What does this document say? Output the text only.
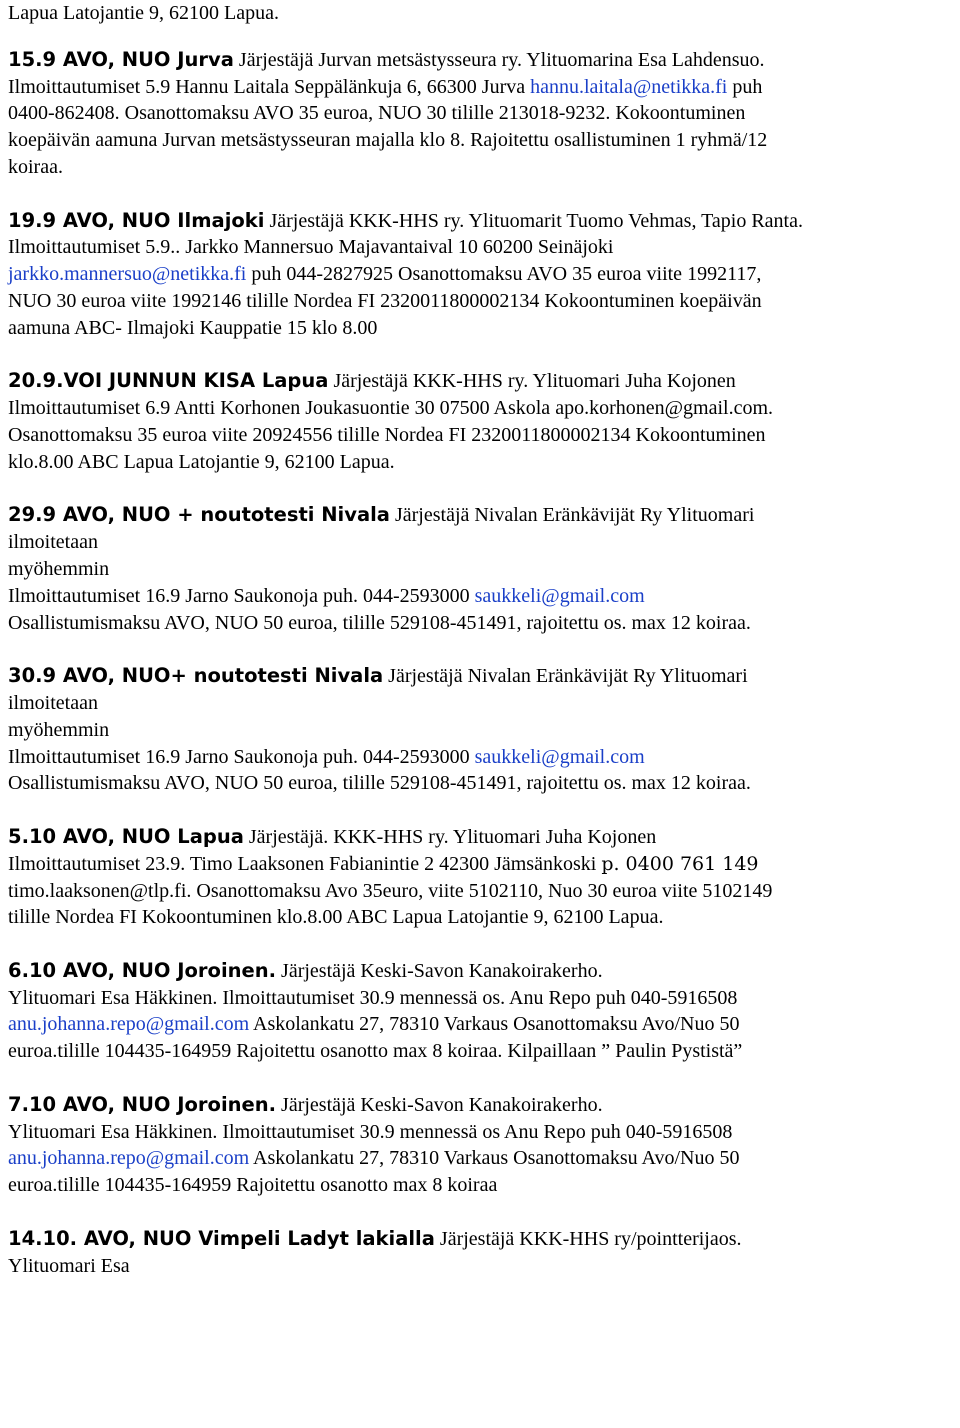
Lapua Latojantie 9, 62100 Lapua.
15.9 AVO, NUO Jurva Järjestäjä Jurvan metsästysseura ry. Ylituomarina Esa Lahdensuo.
Ilmoittautumiset 5.9 Hannu Laitala Seppälänkuja 6, 66300 Jurva hannu.laitala@netikka.fi puh
0400-862408. Osanottomaksu AVO 35 euroa, NUO 30 tilille 213018-9232. Kokoontuminen
koepäivän aamuna Jurvan metsästysseuran majalla klo 8. Rajoitettu osallistuminen 1 ryhmä/12
koiraa.
19.9 AVO, NUO Ilmajoki Järjestäjä KKK-HHS ry. Ylituomarit Tuomo Vehmas, Tapio Ranta.
Ilmoittautumiset 5.9.. Jarkko Mannersuo Majavantaival 10 60200 Seinäjoki
jarkko.mannersuo@netikka.fi puh 044-2827925 Osanottomaksu AVO 35 euroa viite 1992117,
NUO 30 euroa viite 1992146 tilille Nordea FI 2320011800002134 Kokoontuminen koepäivän
aamuna ABC- Ilmajoki Kauppatie 15 klo 8.00
20.9.VOI JUNNUN KISA Lapua Järjestäjä KKK-HHS ry. Ylituomari Juha Kojonen
Ilmoittautumiset 6.9 Antti Korhonen Joukasuontie 30 07500 Askola apo.korhonen@gmail.com.
Osanottomaksu 35 euroa viite 20924556 tilille Nordea FI 2320011800002134 Kokoontuminen
klo.8.00 ABC Lapua Latojantie 9, 62100 Lapua.
29.9 AVO, NUO + noutotesti Nivala Järjestäjä Nivalan Eränkävijät Ry Ylituomari
ilmoitetaan
myöhemmin
Ilmoittautumiset 16.9 Jarno Saukonoja puh. 044-2593000 saukkeli@gmail.com
Osallistumismaksu AVO, NUO 50 euroa, tilille 529108-451491, rajoitettu os. max 12 koiraa.
30.9 AVO, NUO+ noutotesti Nivala Järjestäjä Nivalan Eränkävijät Ry Ylituomari
ilmoitetaan
myöhemmin
Ilmoittautumiset 16.9 Jarno Saukonoja puh. 044-2593000 saukkeli@gmail.com
Osallistumismaksu AVO, NUO 50 euroa, tilille 529108-451491, rajoitettu os. max 12 koiraa.
5.10 AVO, NUO Lapua Järjestäjä. KKK-HHS ry. Ylituomari Juha Kojonen
Ilmoittautumiset 23.9. Timo Laaksonen Fabianintie 2 42300 Jämsänkoski p. 0400 761 149
timo.laaksonen@tlp.fi. Osanottomaksu Avo 35euro, viite 5102110, Nuo 30 euroa viite 5102149
tilille Nordea FI Kokoontuminen klo.8.00 ABC Lapua Latojantie 9, 62100 Lapua.
6.10 AVO, NUO Joroinen. Järjestäjä Keski-Savon Kanakoirakerho.
Ylituomari Esa Häkkinen. Ilmoittautumiset 30.9 mennessä os. Anu Repo puh 040-5916508
anu.johanna.repo@gmail.com Askolankatu 27, 78310 Varkaus Osanottomaksu Avo/Nuo 50
euroa.tilille 104435-164959 Rajoitettu osanotto max 8 koiraa. Kilpaillaan ” Paulin Pystistä”
7.10 AVO, NUO Joroinen. Järjestäjä Keski-Savon Kanakoirakerho.
Ylituomari Esa Häkkinen. Ilmoittautumiset 30.9 mennessä os Anu Repo puh 040-5916508
anu.johanna.repo@gmail.com Askolankatu 27, 78310 Varkaus Osanottomaksu Avo/Nuo 50
euroa.tilille 104435-164959 Rajoitettu osanotto max 8 koiraa
14.10. AVO, NUO Vimpeli Ladyt lakialla Järjestäjä KKK-HHS ry/pointterijaos.
Ylituomari Esa
